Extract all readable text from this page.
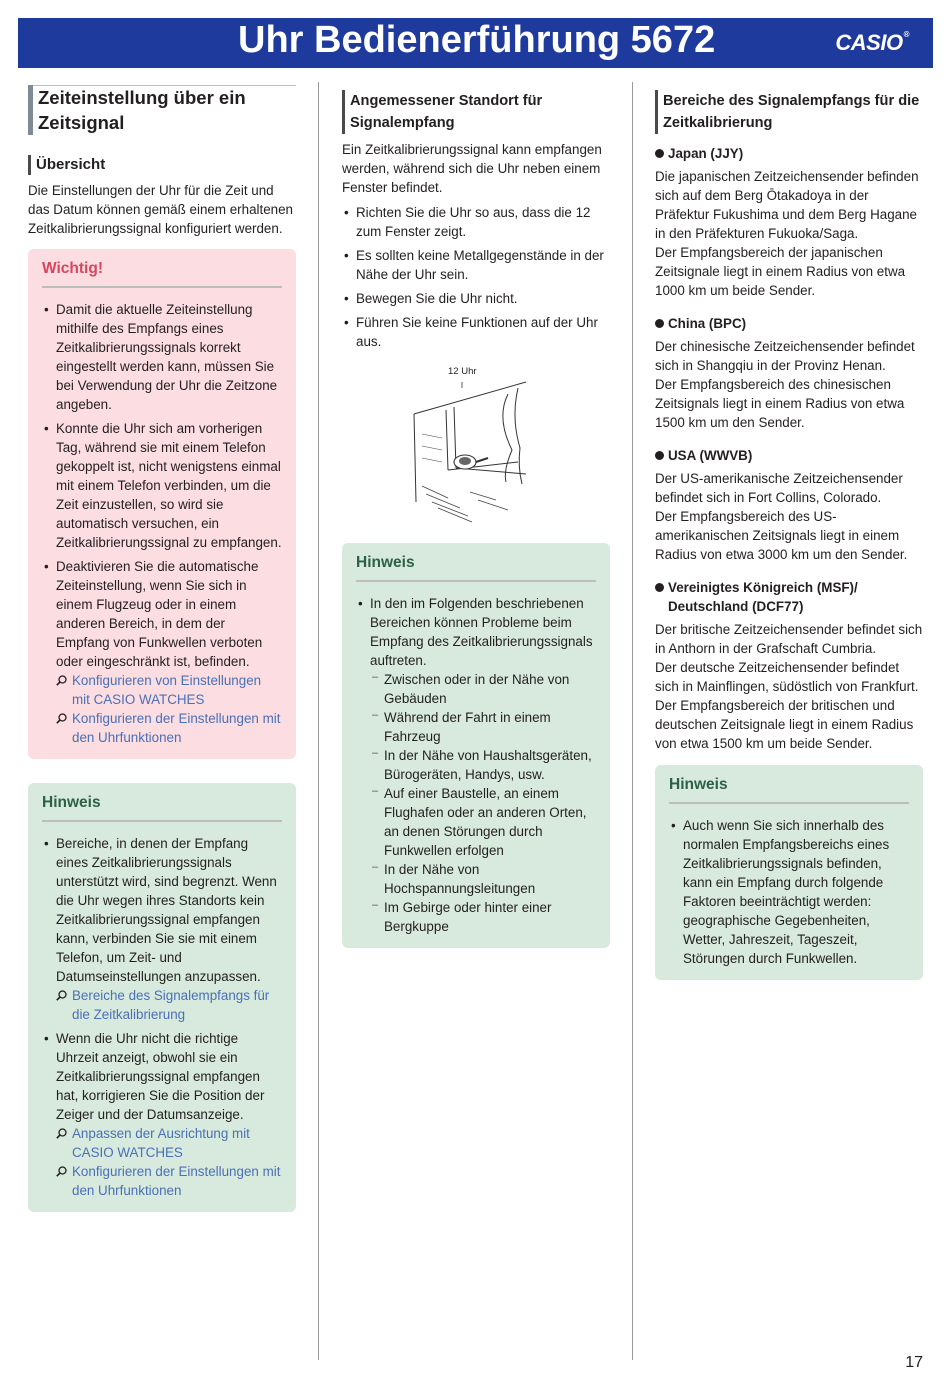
Uhr Bedienerführung 5672	CASIO®
Zeiteinstellung über ein Zeitsignal
Übersicht

Die Einstellungen der Uhr für die Zeit und das Datum können gemäß einem erhaltenen Zeitkalibrierungssignal konfiguriert werden.

Wichtig!
• Damit die aktuelle Zeiteinstellung mithilfe des Empfangs eines Zeitkalibrierungssignals korrekt eingestellt werden kann, müssen Sie bei Verwendung der Uhr die Zeitzone angeben.
• Konnte die Uhr sich am vorherigen Tag, während sie mit einem Telefon gekoppelt ist, nicht wenigstens einmal mit einem Telefon verbinden, um die Zeit einzustellen, so wird sie automatisch versuchen, ein Zeitkalibrierungssignal zu empfangen.
• Deaktivieren Sie die automatische Zeiteinstellung, wenn Sie sich in einem Flugzeug oder in einem anderen Bereich, in dem der Empfang von Funkwellen verboten oder eingeschränkt ist, befinden.
Konfigurieren von Einstellungen mit CASIO WATCHES
Konfigurieren der Einstellungen mit den Uhrfunktionen
Hinweis
• Bereiche, in denen der Empfang eines Zeitkalibrierungssignals unterstützt wird, sind begrenzt. Wenn die Uhr wegen ihres Standorts kein Zeitkalibrierungssignal empfangen kann, verbinden Sie sie mit einem Telefon, um Zeit- und Datumseinstellungen anzupassen.
Bereiche des Signalempfangs für die Zeitkalibrierung
• Wenn die Uhr nicht die richtige Uhrzeit anzeigt, obwohl sie ein Zeitkalibrierungssignal empfangen hat, korrigieren Sie die Position der Zeiger und der Datumsanzeige.
Anpassen der Ausrichtung mit CASIO WATCHES
Konfigurieren der Einstellungen mit den Uhrfunktionen
Angemessener Standort für Signalempfang

Ein Zeitkalibrierungssignal kann empfangen werden, während sich die Uhr neben einem Fenster befindet.

• Richten Sie die Uhr so aus, dass die 12 zum Fenster zeigt.
• Es sollten keine Metallgegenstände in der Nähe der Uhr sein.
• Bewegen Sie die Uhr nicht.
• Führen Sie keine Funktionen auf der Uhr aus.
12 Uhr
Hinweis
• In den im Folgenden beschriebenen Bereichen können Probleme beim Empfang des Zeitkalibrierungssignals auftreten.
– Zwischen oder in der Nähe von Gebäuden
– Während der Fahrt in einem Fahrzeug
– In der Nähe von Haushaltsgeräten, Bürogeräten, Handys, usw.
– Auf einer Baustelle, an einem Flughafen oder an anderen Orten, an denen Störungen durch Funkwellen erfolgen
– In der Nähe von Hochspannungsleitungen
– Im Gebirge oder hinter einer Bergkuppe
Bereiche des Signalempfangs für die Zeitkalibrierung
Japan (JJY)

Die japanischen Zeitzeichensender befinden sich auf dem Berg Ōtakadoya in der Präfektur Fukushima und dem Berg Hagane in den Präfekturen Fukuoka/Saga.
Der Empfangsbereich der japanischen Zeitsignale liegt in einem Radius von etwa 1000 km um beide Sender.

China (BPC)

Der chinesische Zeitzeichensender befindet sich in Shangqiu in der Provinz Henan.
Der Empfangsbereich des chinesischen Zeitsignals liegt in einem Radius von etwa 1500 km um den Sender.

USA (WWVB)

Der US-amerikanische Zeitzeichensender befindet sich in Fort Collins, Colorado.
Der Empfangsbereich des US-amerikanischen Zeitsignals liegt in einem Radius von etwa 3000 km um den Sender.

Vereinigtes Königreich (MSF)/ Deutschland (DCF77)

Der britische Zeitzeichensender befindet sich in Anthorn in der Grafschaft Cumbria.
Der deutsche Zeitzeichensender befindet sich in Mainflingen, südöstlich von Frankfurt.
Der Empfangsbereich der britischen und deutschen Zeitsignale liegt in einem Radius von etwa 1500 km um beide Sender.

Hinweis
• Auch wenn Sie sich innerhalb des normalen Empfangsbereichs eines Zeitkalibrierungssignals befinden, kann ein Empfang durch folgende Faktoren beeinträchtigt werden: geographische Gegebenheiten, Wetter, Jahreszeit, Tageszeit, Störungen durch Funkwellen.
17
